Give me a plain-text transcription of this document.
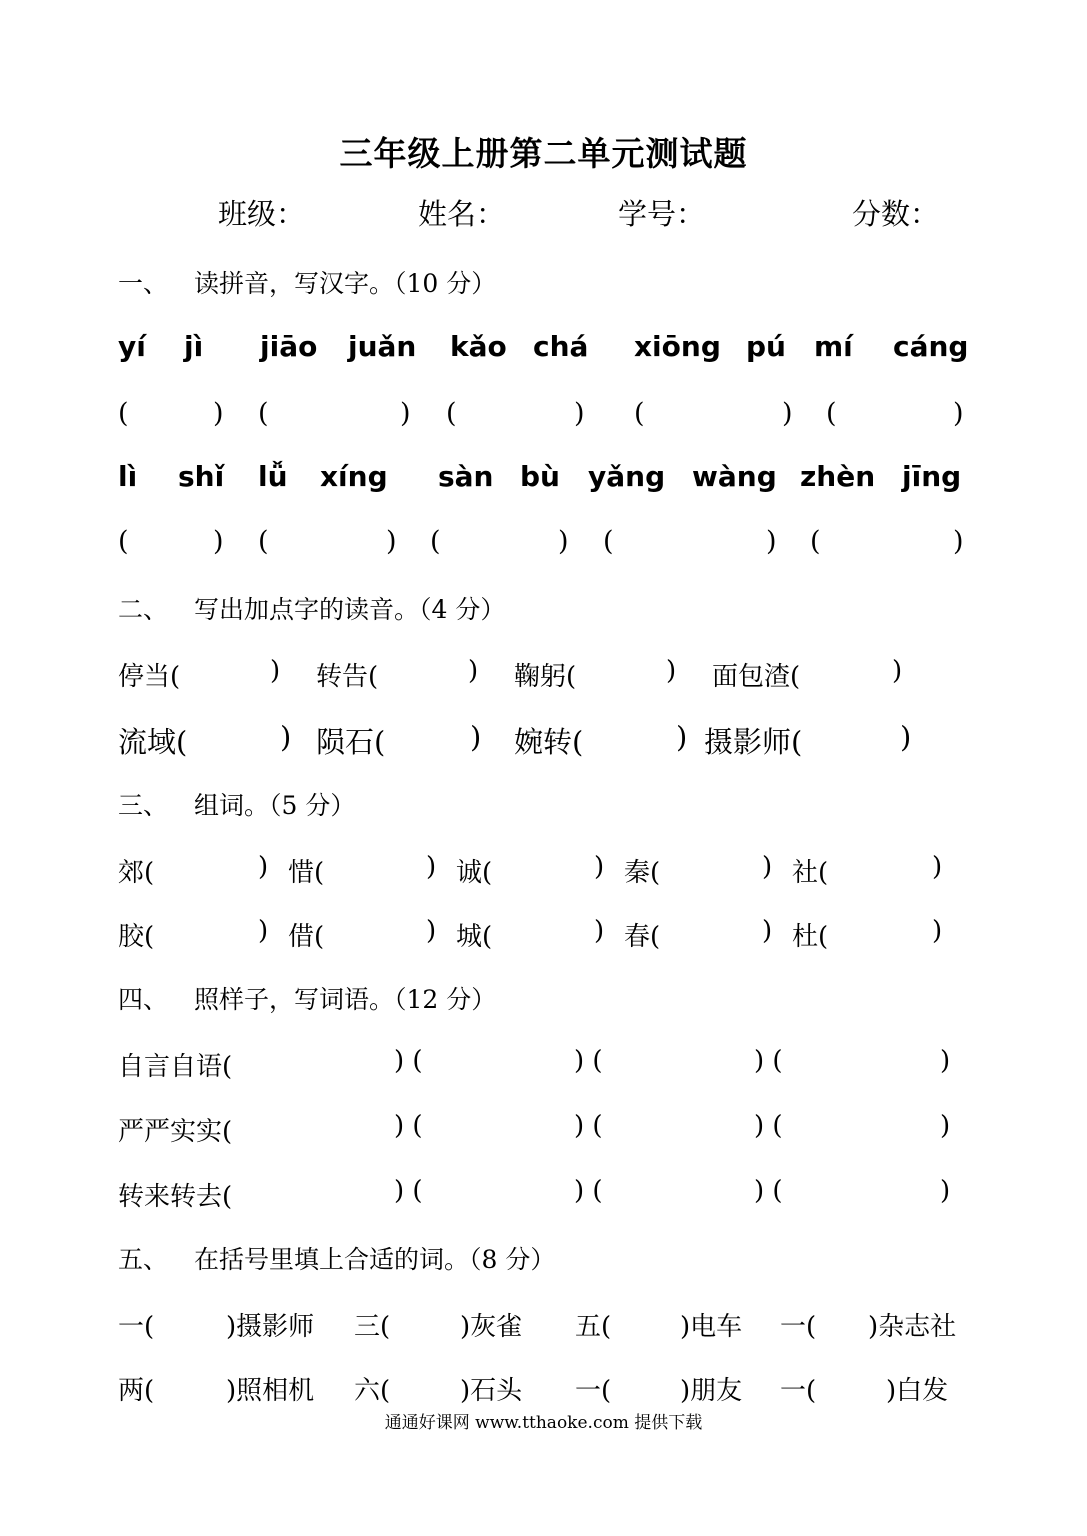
三年级上册第二单元测试题
班级：	姓名：	学号：	分数：
一、 读拼音，写汉字。（10 分）
yí jì jiāo juǎn kǎo chá xiōng pú mí cáng
(	) (	) (	) (	) (	)
lì shǐ lǚ xíng sàn bù yǎng wàng zhèn jīng
(	) (	) (	) (	) (	)
二、 写出加点字的读音。（4 分）
停当(	) 转告(	) 鞠躬(	) 面包渣(	)
流域(	) 陨石(	) 婉转(	) 摄影师(	)
三、 组词。（5 分）
郊(	) 惜(	) 诚(	) 秦(	) 社(	)
胶(	) 借(	) 城(	) 春(	) 杜(	)
四、 照样子，写词语。（12 分）
自言自语(	) (	) (	) (	)
严严实实(	) (	) (	) (	)
转来转去(	) (	) (	) (	)
五、 在括号里填上合适的词。（8 分）
一(	)摄影师 三(	)灰雀 五(	)电车 一( )杂志社
两(	)照相机 六(	)石头 一(	)朋友 一(	)白发
通通好课网 www.tthaoke.com 提供下载
